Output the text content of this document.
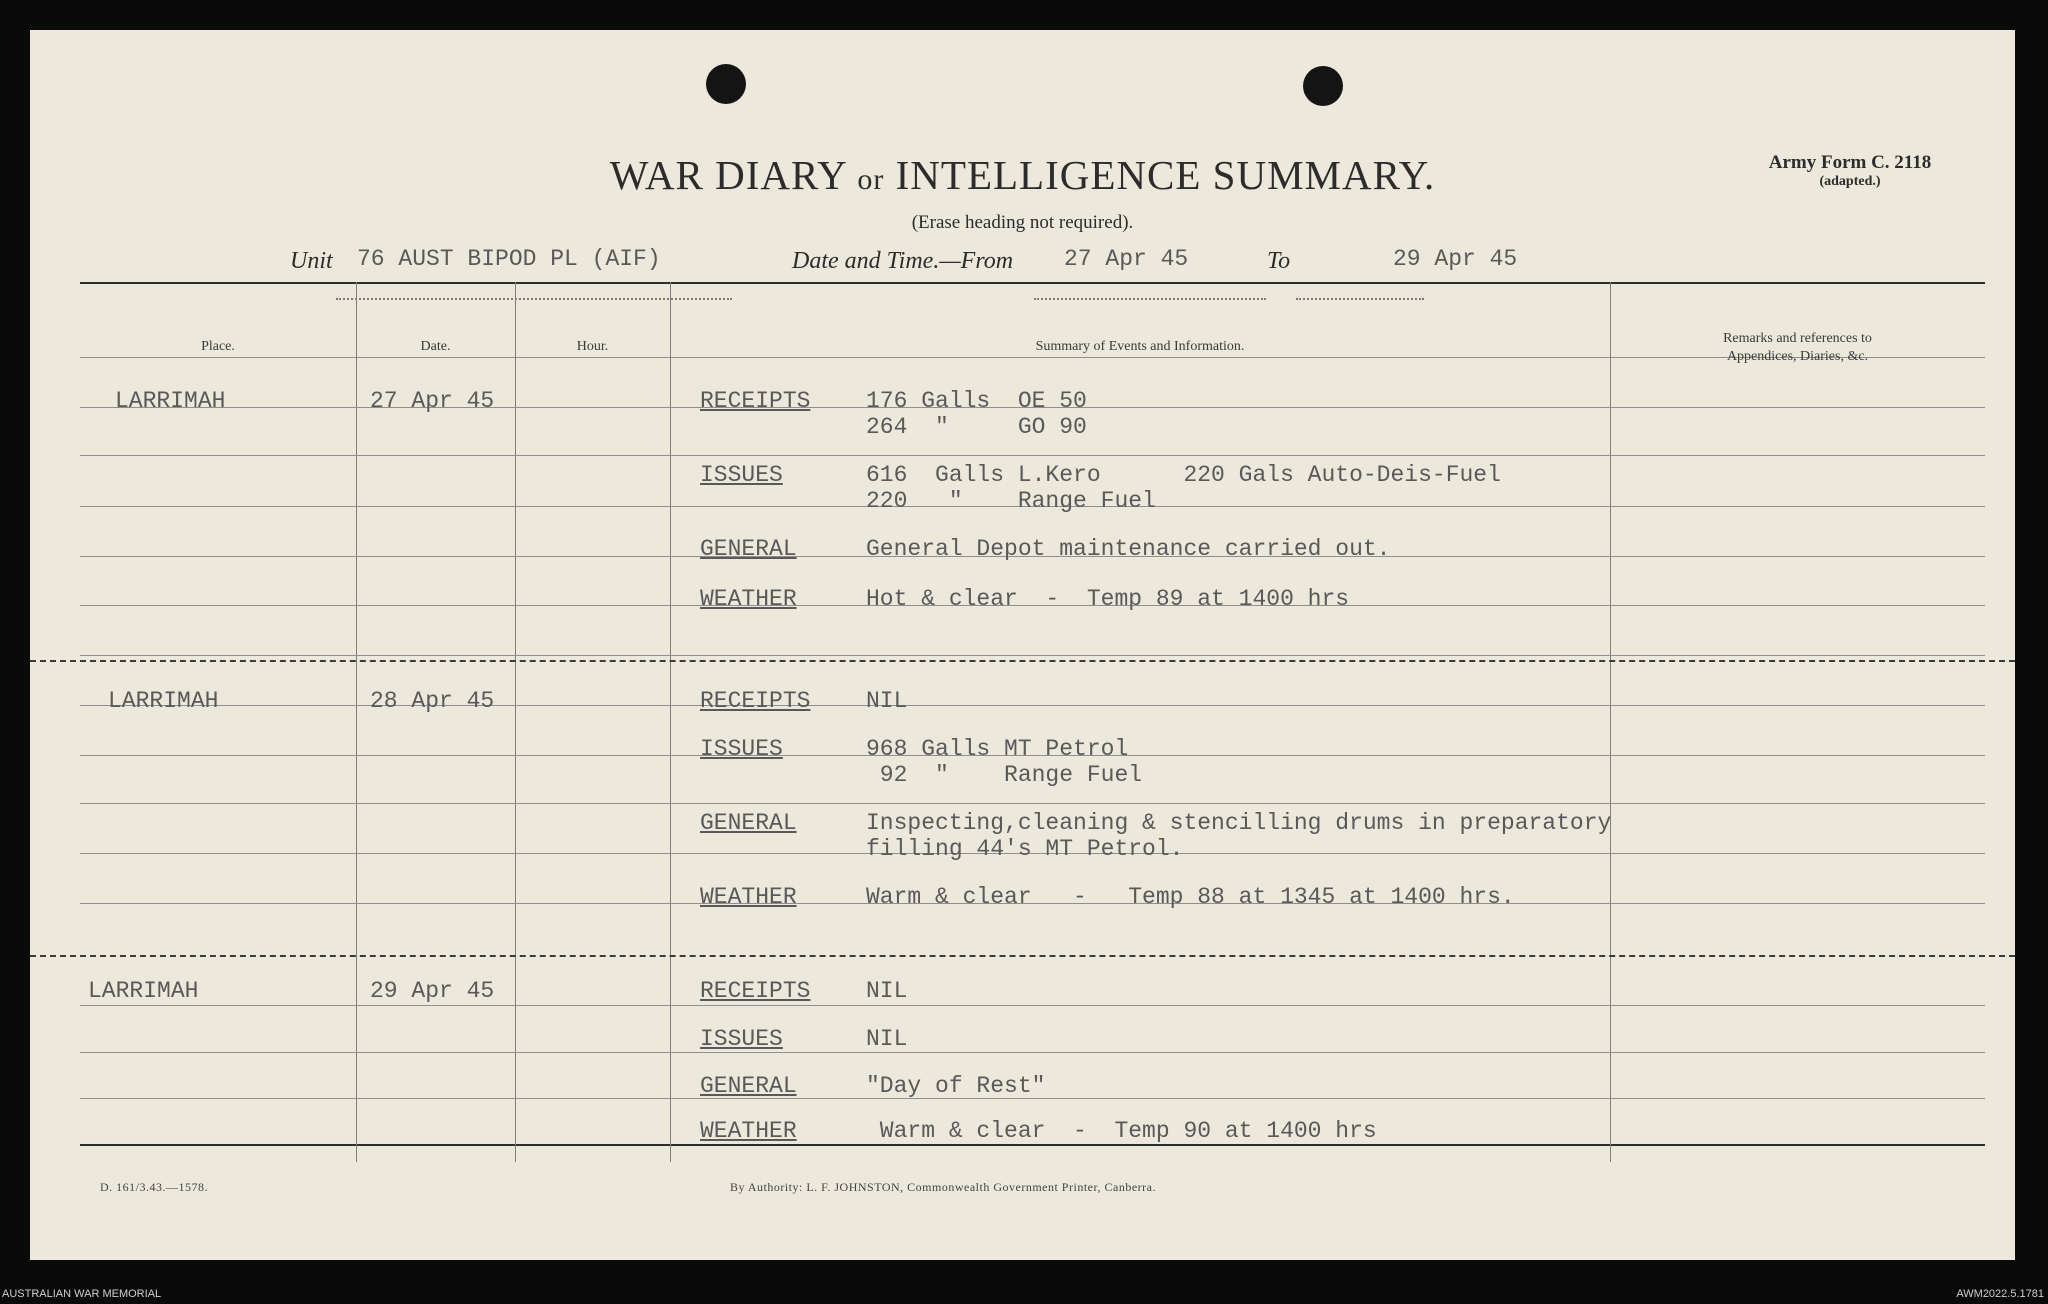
WAR DIARY or INTELLIGENCE SUMMARY.
(Erase heading not required).
Army Form C. 2118
(adapted.)
Unit 76 AUST BIPOD PL (AIF)	Date and Time.—From 27 Apr 45	To	29 Apr 45
Place.	Date.	Hour.	Summary of Events and Information.
Remarks and references to
Appendices, Diaries, &c.
LARRIMAH	27 Apr 45	RECEIPTS 176 Galls  OE 50
264  "     GO 90
ISSUES	616  Galls L.Kero      220 Gals Auto-Deis-Fuel
220   "    Range Fuel
GENERAL	General Depot maintenance carried out.
WEATHER	Hot & clear  -  Temp 89 at 1400 hrs
LARRIMAH	28 Apr 45	RECEIPTS NIL
ISSUES	968 Galls MT Petrol
92  "    Range Fuel
GENERAL	Inspecting,cleaning & stencilling drums in preparatory
filling 44's MT Petrol.
WEATHER	Warm & clear   -   Temp 88 at 1345 at 1400 hrs.
LARRIMAH	29 Apr 45	RECEIPTS NIL
ISSUES	NIL
GENERAL	"Day of Rest"
WEATHER	Warm & clear  -  Temp 90 at 1400 hrs
D. 161/3.43.—1578.	By Authority: L. F. JOHNSTON, Commonwealth Government Printer, Canberra.
AUSTRALIAN WAR MEMORIAL	AWM2022.5.1781
